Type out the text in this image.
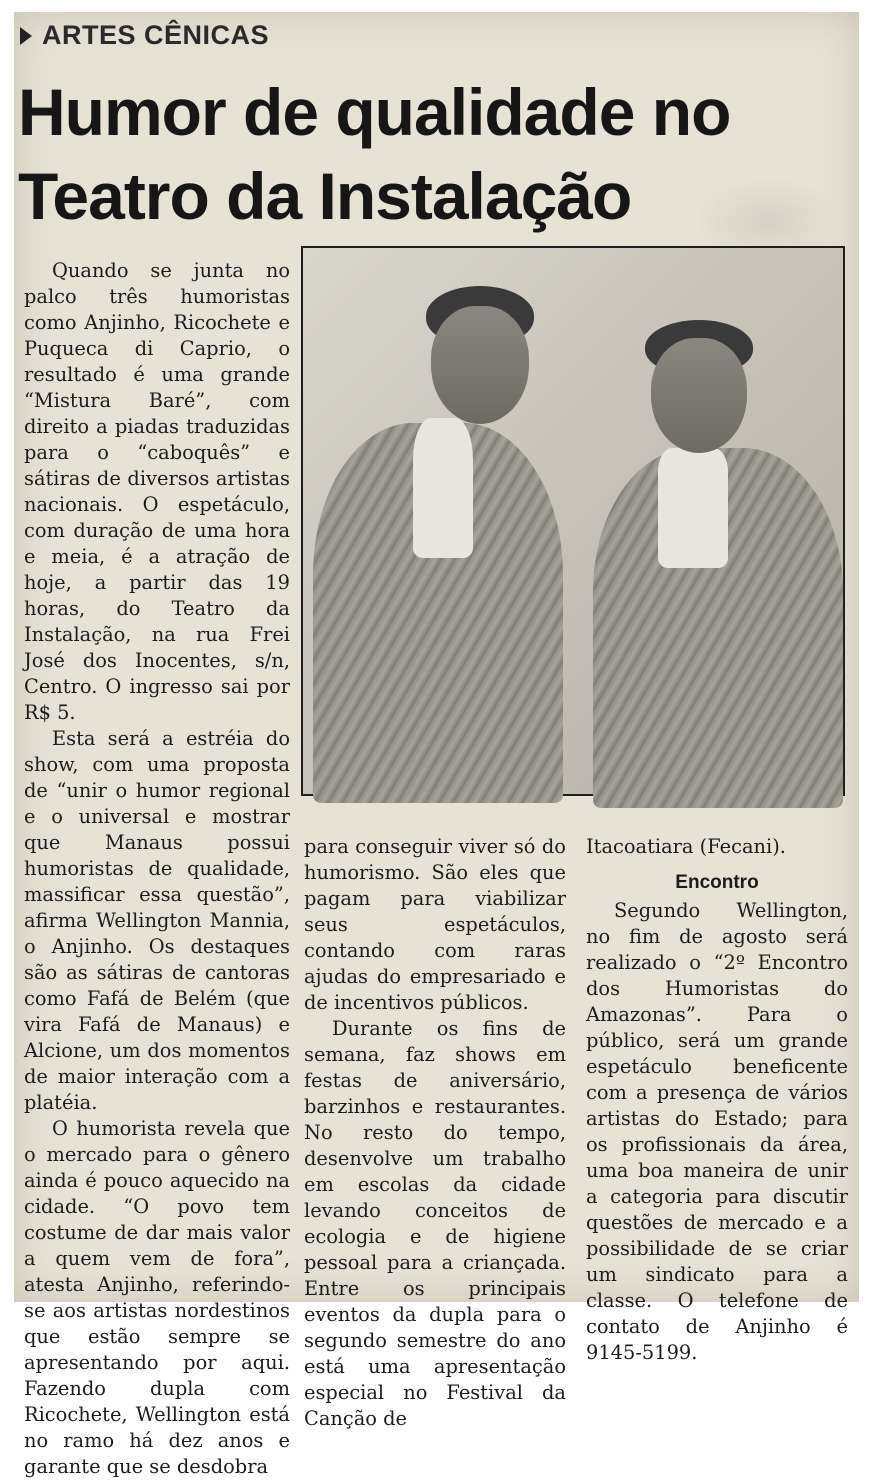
ARTES CÊNICAS
Humor de qualidade no
Teatro da Instalação

Quando se junta no palco três humoristas como Anjinho, Ricochete e Puqueca di Caprio, o resultado é uma grande “Mistura Baré”, com direito a piadas traduzidas para o “caboquês” e sátiras de diversos artistas nacionais. O espetáculo, com duração de uma hora e meia, é a atração de hoje, a partir das 19 horas, do Teatro da Instalação, na rua Frei José dos Inocentes, s/n, Centro. O ingresso sai por R$ 5.

Esta será a estréia do show, com uma proposta de “unir o humor regional e o universal e mostrar que Manaus possui humoristas de qualidade, massificar essa questão”, afirma Wellington Mannia, o Anjinho. Os destaques são as sátiras de cantoras como Fafá de Belém (que vira Fafá de Manaus) e Alcione, um dos momentos de maior interação com a platéia.

O humorista revela que o mercado para o gênero ainda é pouco aquecido na cidade. “O povo tem costume de dar mais valor a quem vem de fora”, atesta Anjinho, referindo-se aos artistas nordestinos que estão sempre se apresentando por aqui. Fazendo dupla com Ricochete, Wellington está no ramo há dez anos e garante que se desdobra

para conseguir viver só do humorismo. São eles que pagam para viabilizar seus espetáculos, contando com raras ajudas do empresariado e de incentivos públicos.

Durante os fins de semana, faz shows em festas de aniversário, barzinhos e restaurantes. No resto do tempo, desenvolve um trabalho em escolas da cidade levando conceitos de ecologia e de higiene pessoal para a criançada. Entre os principais eventos da dupla para o segundo semestre do ano está uma apresentação especial no Festival da Canção de

Itacoatiara (Fecani).

Encontro

Segundo Wellington, no fim de agosto será realizado o “2º Encontro dos Humoristas do Amazonas”. Para o público, será um grande espetáculo beneficente com a presença de vários artistas do Estado; para os profissionais da área, uma boa maneira de unir a categoria para discutir questões de mercado e a possibilidade de se criar um sindicato para a classe. O telefone de contato de Anjinho é 9145-5199.
